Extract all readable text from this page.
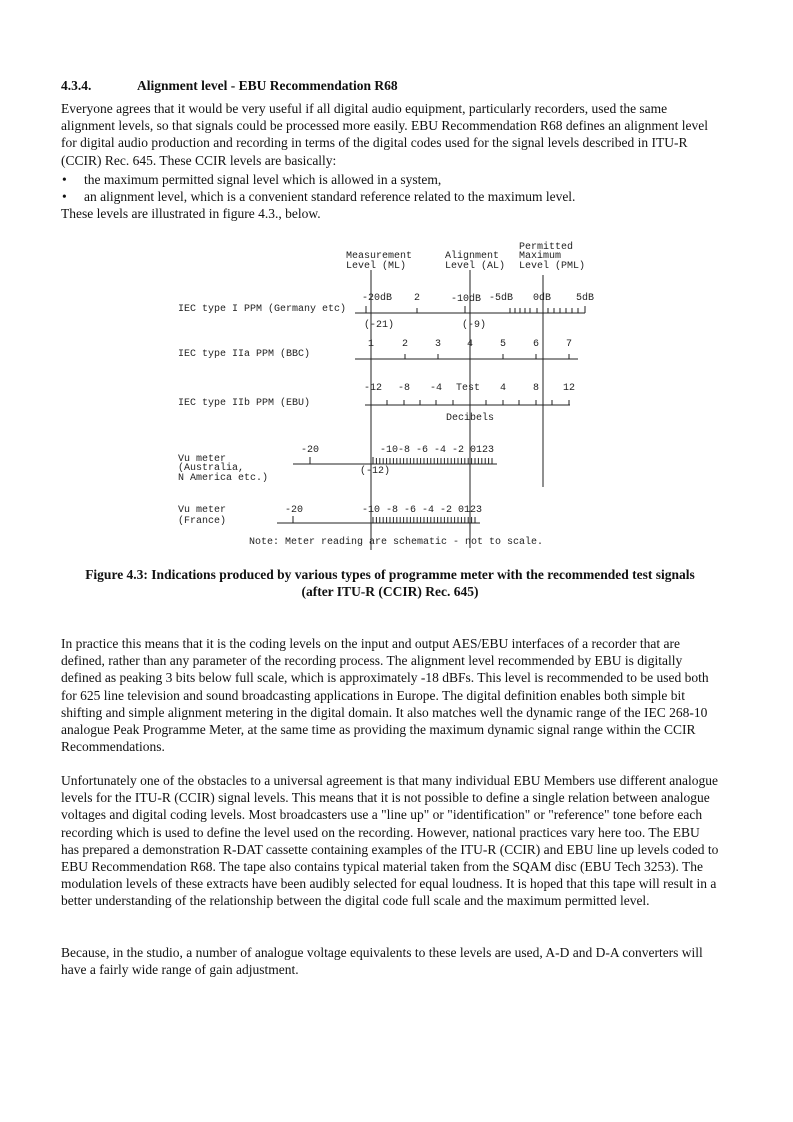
4.3.4.	Alignment level - EBU Recommendation R68
Everyone agrees that it would be very useful if all digital audio equipment, particularly recorders, used the same alignment levels, so that signals could be processed more easily. EBU Recommendation R68 defines an alignment level for digital audio production and recording in terms of the digital codes used for the signal levels described in ITU-R (CCIR) Rec. 645. These CCIR levels are basically:
• the maximum permitted signal level which is allowed in a system,
• an alignment level, which is a convenient standard reference related to the maximum level.
These levels are illustrated in figure 4.3., below.
Figure 4.3: Indications produced by various types of programme meter with the recommended test signals
(after ITU-R (CCIR) Rec. 645)
In practice this means that it is the coding levels on the input and output AES/EBU interfaces of a recorder that are defined, rather than any parameter of the recording process. The alignment level recommended by EBU is digitally defined as peaking 3 bits below full scale, which is approximately -18 dBFs. This level is recommended to be used both for 625 line television and sound broadcasting applications in Europe. The digital definition enables both simple bit shifting and simple alignment metering in the digital domain. It also matches well the dynamic range of the IEC 268-10 analogue Peak Programme Meter, at the same time as providing the maximum dynamic signal range within the CCIR Recommendations.
Unfortunately one of the obstacles to a universal agreement is that many individual EBU Members use different analogue levels for the ITU-R (CCIR) signal levels. This means that it is not possible to define a single relation between analogue voltages and digital coding levels. Most broadcasters use a "line up" or "identification" or "reference" tone before each recording which is used to define the level used on the recording. However, national practices vary here too. The EBU has prepared a demonstration R-DAT cassette containing examples of the ITU-R (CCIR) and EBU line up levels coded to EBU Recommendation R68. The tape also contains typical material taken from the SQAM disc (EBU Tech 3253). The modulation levels of these extracts have been audibly selected for equal loudness. It is hoped that this tape will result in a better understanding of the relationship between the digital code full scale and the maximum permitted level.
Because, in the studio, a number of analogue voltage equivalents to these levels are used, A-D and D-A converters will have a fairly wide range of gain adjustment.
Measurement
Level (ML)
Alignment
Level (AL)
Permitted
Maximum
Level (PML)
IEC type I PPM (Germany etc)
IEC type IIa PPM (BBC)
IEC type IIb PPM (EBU)
Vu meter
(Australia,
N America etc.)
Vu meter
(France)
-20dB 2	-10dB -5dB 0dB 5dB
(-21)	(-9)
1	2	3	4	5	6	7
-12 -8 -4 Test 4	8 12
Decibels
-20	-10-8 -6 -4 -2 0123
(-12)
-20	-10 -8 -6 -4 -2 0123
Note: Meter reading are schematic - not to scale.
